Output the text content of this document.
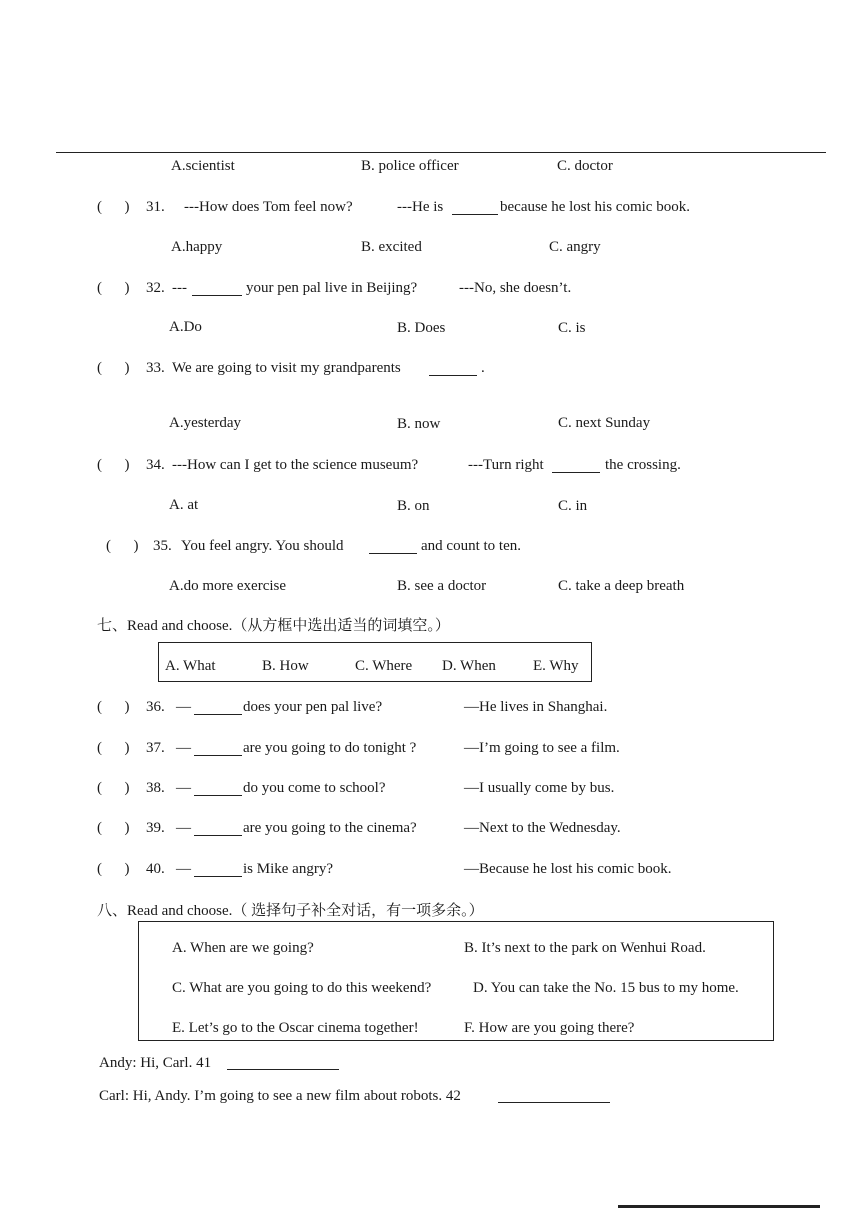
A.scientist	B. police officer	C. doctor
(      ) 31. ---How does Tom feel now?	---He is	because he lost his comic book.
A.happy	B. excited	C. angry
(      ) 32. ---	your pen pal live in Beijing?	---No, she doesn’t.
A.Do	B. Does	C. is
(      ) 33. We are going to visit my grandparents	.
A.yesterday	B. now	C. next Sunday
(      ) 34. ---How can I get to the science museum?	---Turn right	the crossing.
A. at	B. on	C. in
(      ) 35. You feel angry. You should	and count to ten.
A.do more exercise	B. see a doctor	C. take a deep breath
七、Read and choose.（从方框中选出适当的词填空。）
A. What	B. How	C. Where D. When E. Why
(      ) 36. —	does your pen pal live?	—He lives in Shanghai.
(      ) 37. —	are you going to do tonight ?	—I’m going to see a film.
(      ) 38. —	do you come to school?	—I usually come by bus.
(      ) 39. —	are you going to the cinema?	—Next to the Wednesday.
(      ) 40. —	is Mike angry?	—Because he lost his comic book.
八、Read and choose.（ 选择句子补全对话，有一项多余。）
A. When are we going?	B. It’s next to the park on Wenhui Road.
C. What are you going to do this weekend?	D. You can take the No. 15 bus to my home.
E. Let’s go to the Oscar cinema together!	F. How are you going there?
Andy: Hi, Carl. 41
Carl: Hi, Andy. I’m going to see a new film about robots. 42
